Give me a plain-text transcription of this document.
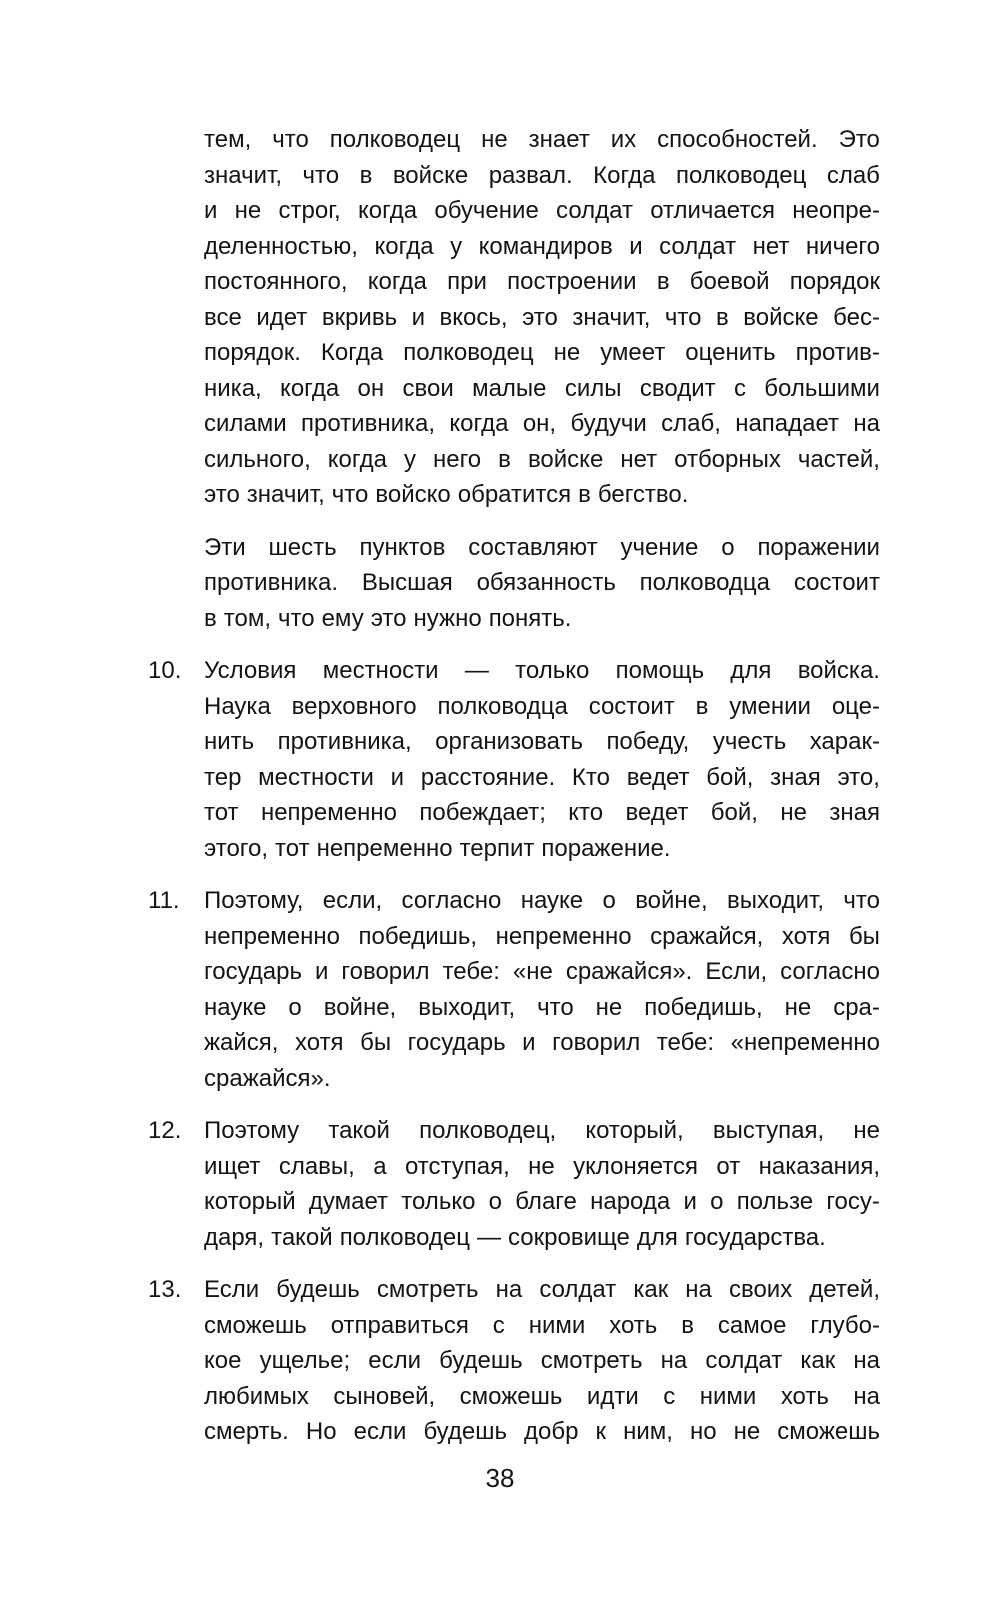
тем, что полководец не знает их способностей. Это
значит, что в войске развал. Когда полководец слаб
и не строг, когда обучение солдат отличается неопре-
деленностью, когда у командиров и солдат нет ничего
постоянного, когда при построении в боевой порядок
все идет вкривь и вкось, это значит, что в войске бес-
порядок. Когда полководец не умеет оценить против-
ника, когда он свои малые силы сводит с большими
силами противника, когда он, будучи слаб, нападает на
сильного, когда у него в войске нет отборных частей,
это значит, что войско обратится в бегство.
Эти шесть пунктов составляют учение о поражении
противника. Высшая обязанность полководца состоит
в том, что ему это нужно понять.
10. Условия местности — только помощь для войска.
Наука верховного полководца состоит в умении оце-
нить противника, организовать победу, учесть харак-
тер местности и расстояние. Кто ведет бой, зная это,
тот непременно побеждает; кто ведет бой, не зная
этого, тот непременно терпит поражение.
11.	Поэтому, если, согласно науке о войне, выходит, что
непременно победишь, непременно сражайся, хотя бы
государь и говорил тебе: «не сражайся». Если, согласно
науке о войне, выходит, что не победишь, не сра-
жайся, хотя бы государь и говорил тебе: «непременно
сражайся».
12. Поэтому такой полководец, который, выступая, не
ищет славы, а отступая, не уклоняется от наказания,
который думает только о благе народа и о пользе госу-
даря, такой полководец — сокровище для государства.
13. Если будешь смотреть на солдат как на своих детей,
сможешь отправиться с ними хоть в самое глубо-
кое ущелье; если будешь смотреть на солдат как на
любимых сыновей, сможешь идти с ними хоть на
смерть. Но если будешь добр к ним, но не сможешь
38
